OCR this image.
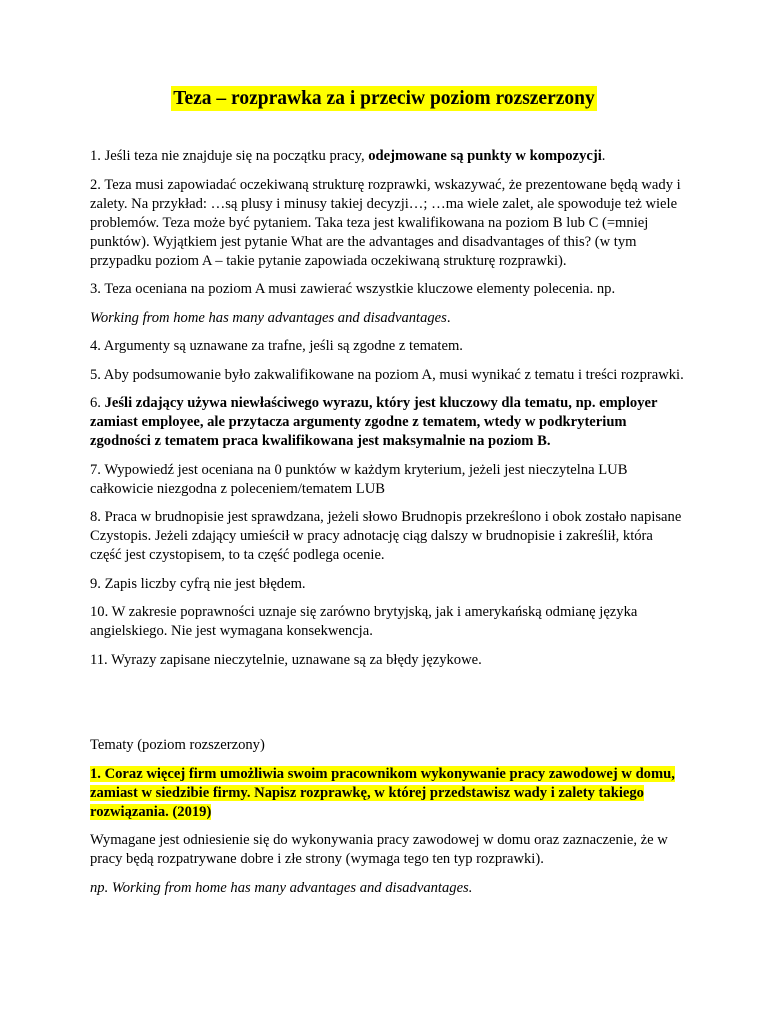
Teza – rozprawka za i przeciw poziom rozszerzony

1. Jeśli teza nie znajduje się na początku pracy, odejmowane są punkty w kompozycji.

2. Teza musi zapowiadać oczekiwaną strukturę rozprawki, wskazywać, że prezentowane będą wady i zalety. Na przykład: …są plusy i minusy takiej decyzji…; …ma wiele zalet, ale spowoduje też wiele problemów. Teza może być pytaniem. Taka teza jest kwalifikowana na poziom B lub C (=mniej punktów). Wyjątkiem jest pytanie What are the advantages and disadvantages of this? (w tym przypadku poziom A – takie pytanie zapowiada oczekiwaną strukturę rozprawki).

3. Teza oceniana na poziom A musi zawierać wszystkie kluczowe elementy polecenia. np.

Working from home has many advantages and disadvantages.

4. Argumenty są uznawane za trafne, jeśli są zgodne z tematem.

5. Aby podsumowanie było zakwalifikowane na poziom A, musi wynikać z tematu i treści rozprawki.

6. Jeśli zdający używa niewłaściwego wyrazu, który jest kluczowy dla tematu, np. employer zamiast employee, ale przytacza argumenty zgodne z tematem, wtedy w podkryterium zgodności z tematem praca kwalifikowana jest maksymalnie na poziom B.

7. Wypowiedź jest oceniana na 0 punktów w każdym kryterium, jeżeli jest nieczytelna LUB całkowicie niezgodna z poleceniem/tematem LUB

8. Praca w brudnopisie jest sprawdzana, jeżeli słowo Brudnopis przekreślono i obok zostało napisane Czystopis. Jeżeli zdający umieścił w pracy adnotację ciąg dalszy w brudnopisie i zakreślił, która część jest czystopisem, to ta część podlega ocenie.

9. Zapis liczby cyfrą nie jest błędem.

10. W zakresie poprawności uznaje się zarówno brytyjską, jak i amerykańską odmianę języka angielskiego. Nie jest wymagana konsekwencja.

11. Wyrazy zapisane nieczytelnie, uznawane są za błędy językowe.

Tematy (poziom rozszerzony)

1. Coraz więcej firm umożliwia swoim pracownikom wykonywanie pracy zawodowej w domu, zamiast w siedzibie firmy. Napisz rozprawkę, w której przedstawisz wady i zalety takiego rozwiązania. (2019)

Wymagane jest odniesienie się do wykonywania pracy zawodowej w domu oraz zaznaczenie, że w pracy będą rozpatrywane dobre i złe strony (wymaga tego ten typ rozprawki).

np. Working from home has many advantages and disadvantages.
